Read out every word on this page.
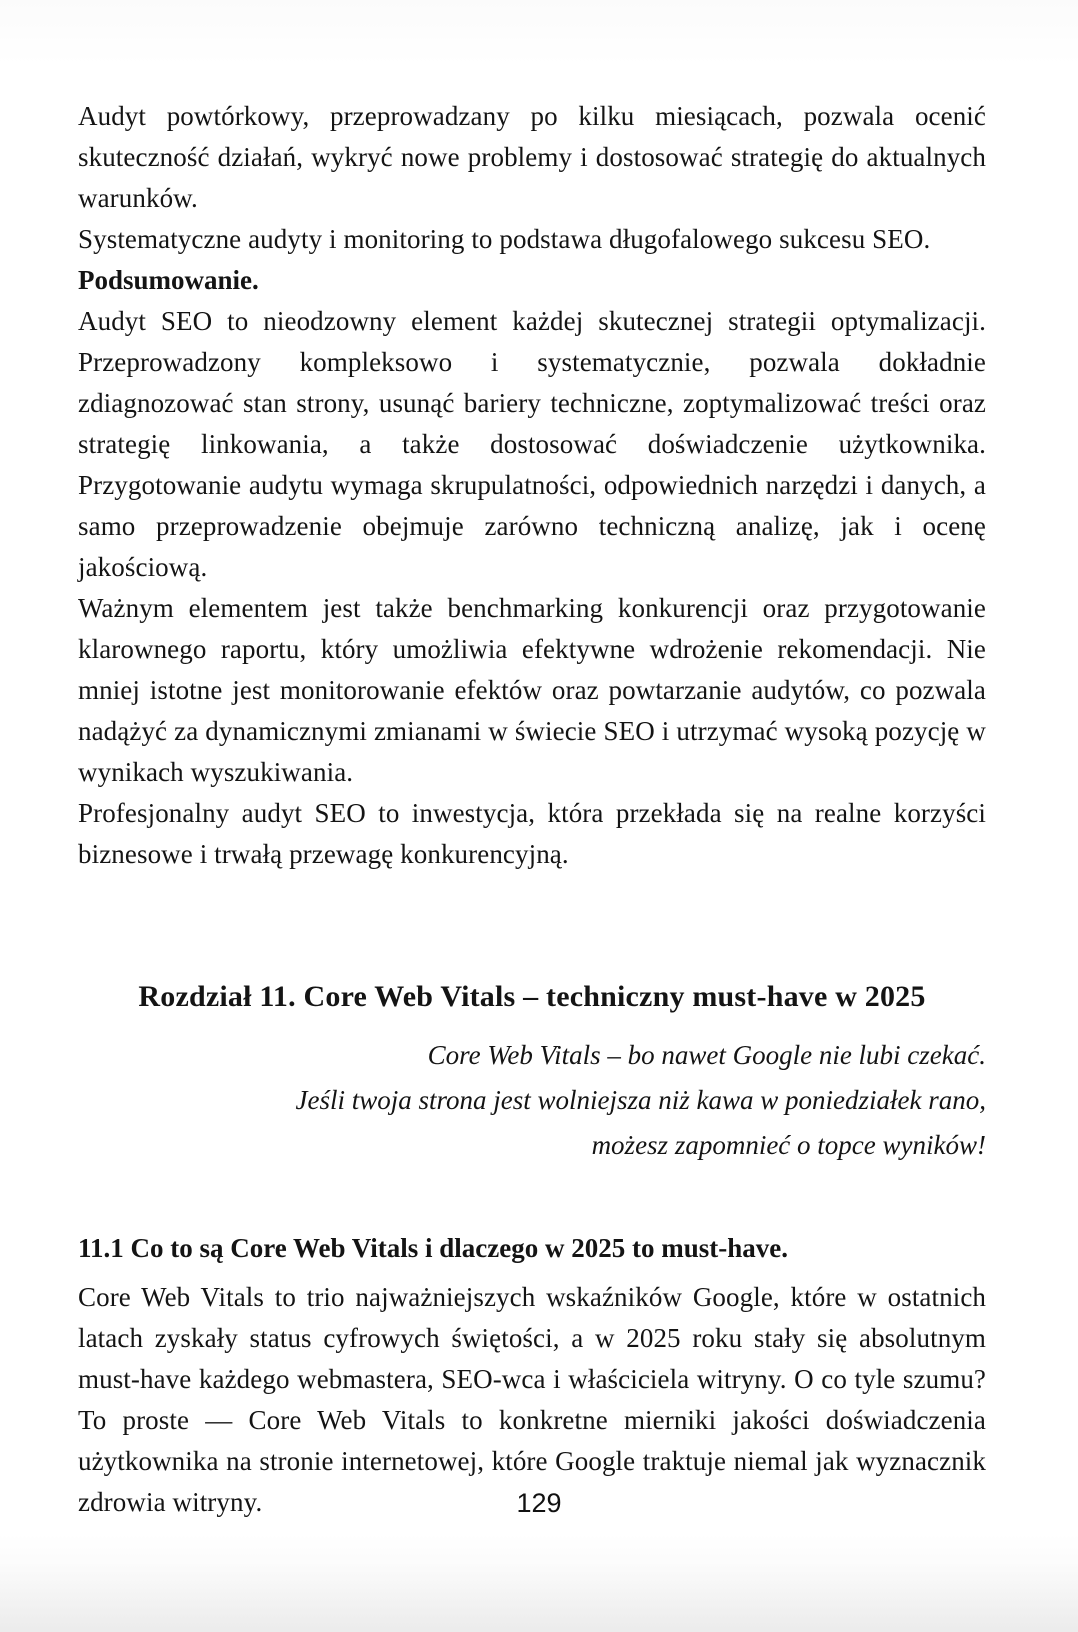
Audyt powtórkowy, przeprowadzany po kilku miesiącach, pozwala ocenić skuteczność działań, wykryć nowe problemy i dostosować strategię do aktualnych warunków.

Systematyczne audyty i monitoring to podstawa długofalowego sukcesu SEO.

Podsumowanie.

Audyt SEO to nieodzowny element każdej skutecznej strategii optymalizacji. Przeprowadzony kompleksowo i systematycznie, pozwala dokładnie zdiagnozować stan strony, usunąć bariery techniczne, zoptymalizować treści oraz strategię linkowania, a także dostosować doświadczenie użytkownika. Przygotowanie audytu wymaga skrupulatności, odpowiednich narzędzi i danych, a samo przeprowadzenie obejmuje zarówno techniczną analizę, jak i ocenę jakościową.

Ważnym elementem jest także benchmarking konkurencji oraz przygotowanie klarownego raportu, który umożliwia efektywne wdrożenie rekomendacji. Nie mniej istotne jest monitorowanie efektów oraz powtarzanie audytów, co pozwala nadążyć za dynamicznymi zmianami w świecie SEO i utrzymać wysoką pozycję w wynikach wyszukiwania.

Profesjonalny audyt SEO to inwestycja, która przekłada się na realne korzyści biznesowe i trwałą przewagę konkurencyjną.

Rozdział 11. Core Web Vitals – techniczny must-have w 2025

Core Web Vitals – bo nawet Google nie lubi czekać.

Jeśli twoja strona jest wolniejsza niż kawa w poniedziałek rano,

możesz zapomnieć o topce wyników!

11.1 Co to są Core Web Vitals i dlaczego w 2025 to must-have.

Core Web Vitals to trio najważniejszych wskaźników Google, które w ostatnich latach zyskały status cyfrowych świętości, a w 2025 roku stały się absolutnym must-have każdego webmastera, SEO-wca i właściciela witryny. O co tyle szumu? To proste — Core Web Vitals to konkretne mierniki jakości doświadczenia użytkownika na stronie internetowej, które Google traktuje niemal jak wyznacznik zdrowia witryny.	129
